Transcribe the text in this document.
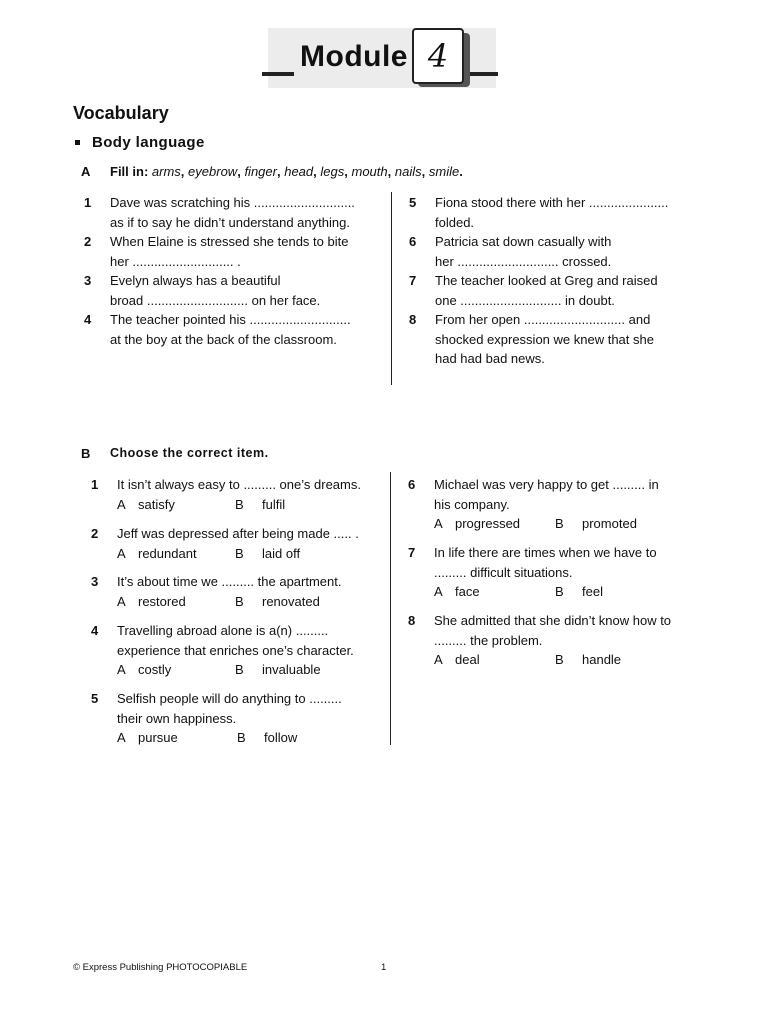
Module 4
Vocabulary
Body language
A Fill in: arms, eyebrow, finger, head, legs, mouth, nails, smile.
1	Dave was scratching his ............................
as if to say he didn’t understand anything.
2	When Elaine is stressed she tends to bite
her ............................ .
3	Evelyn always has a beautiful
broad ............................ on her face.
4	The teacher pointed his ............................
at the boy at the back of the classroom.
5	Fiona stood there with her ......................
folded.
6	Patricia sat down casually with
her ............................ crossed.
7	The teacher looked at Greg and raised
one ............................ in doubt.
8	From her open ............................ and
shocked expression we knew that she
had had bad news.
B Choose the correct item.
1	It isn’t always easy to ......... one’s dreams.
A satisfy	B fulfil
2	Jeff was depressed after being made ..... .
A redundant	B laid off
3	It’s about time we ......... the apartment.
A restored	B renovated
4	Travelling abroad alone is a(n) .........
experience that enriches one’s character.
A costly	B invaluable
5	Selfish people will do anything to .........
their own happiness.
A pursue	B follow
6	Michael was very happy to get ......... in
his company.
A progressed	B promoted
7	In life there are times when we have to
......... difficult situations.
A face	B feel
8	She admitted that she didn’t know how to
......... the problem.
A deal	B handle
© Express Publishing PHOTOCOPIABLE	1
